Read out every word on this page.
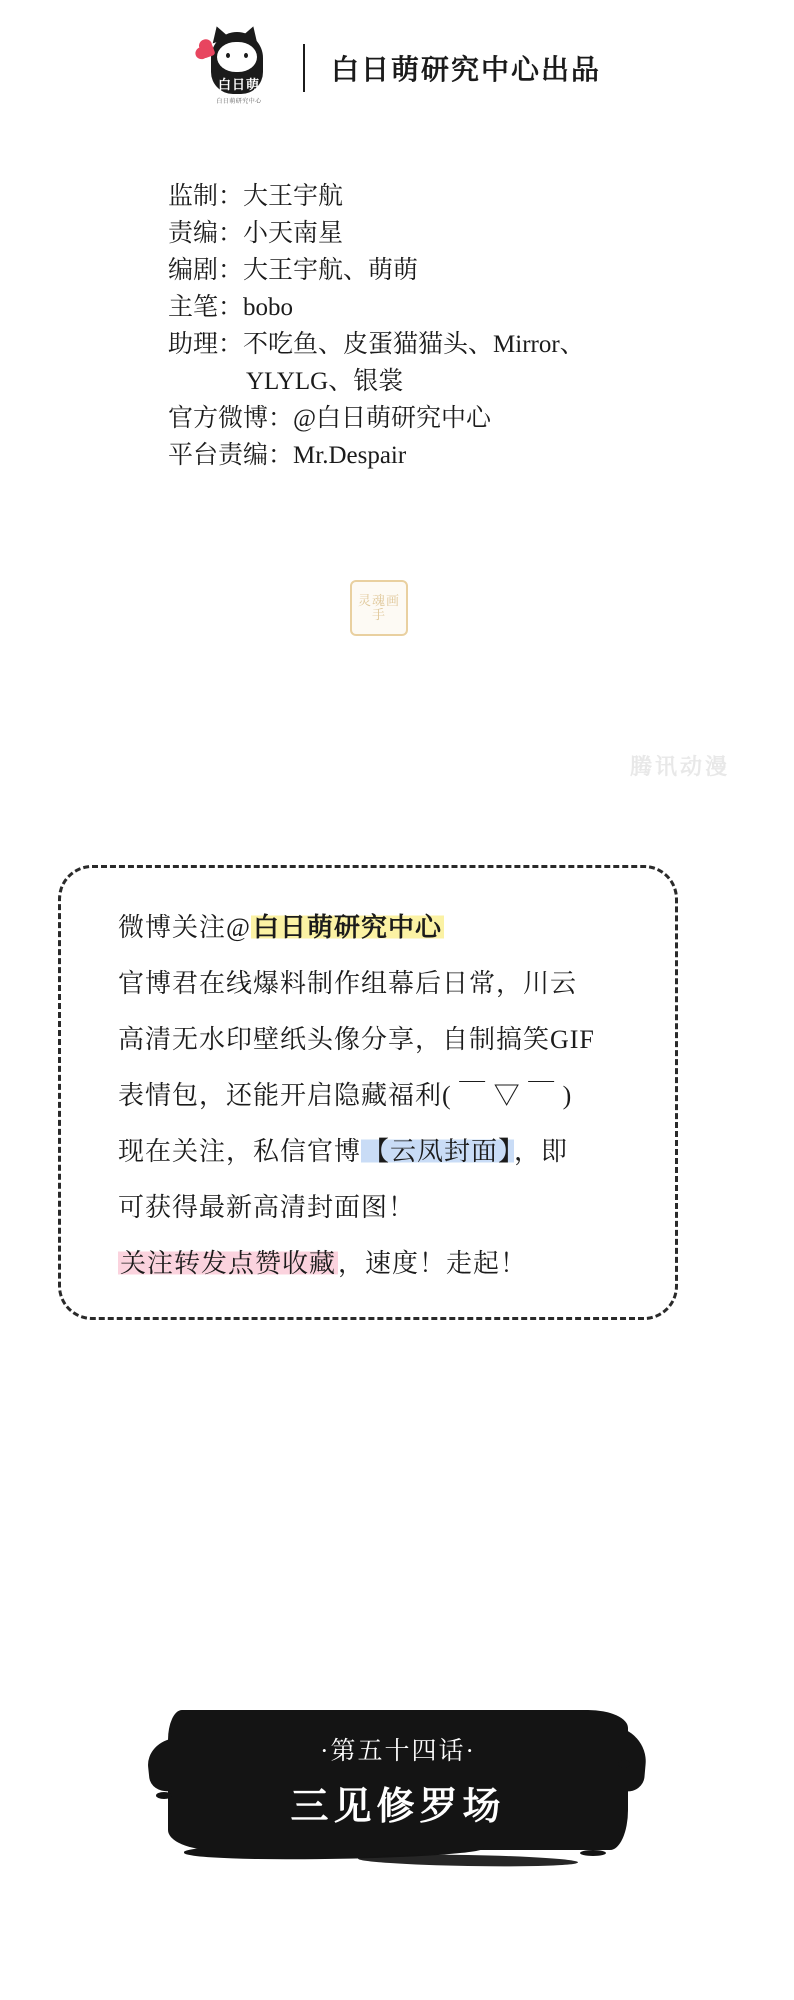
白日萌
白日萌研究中心
白日萌研究中心出品
监制：大王宇航
责编：小天南星
编剧：大王宇航、萌萌
主笔：bobo
助理：不吃鱼、皮蛋猫猫头、Mirror、
YLYLG、银裳
官方微博：@白日萌研究中心
平台责编：Mr.Despair
灵魂画手
腾讯动漫
微博关注@白日萌研究中心
官博君在线爆料制作组幕后日常，川云
高清无水印壁纸头像分享，自制搞笑GIF
表情包，还能开启隐藏福利( ￣ ▽ ￣ )
现在关注，私信官博【云凤封面】，即
可获得最新高清封面图！
关注转发点赞收藏，速度！走起！
·第五十四话·
三见修罗场
